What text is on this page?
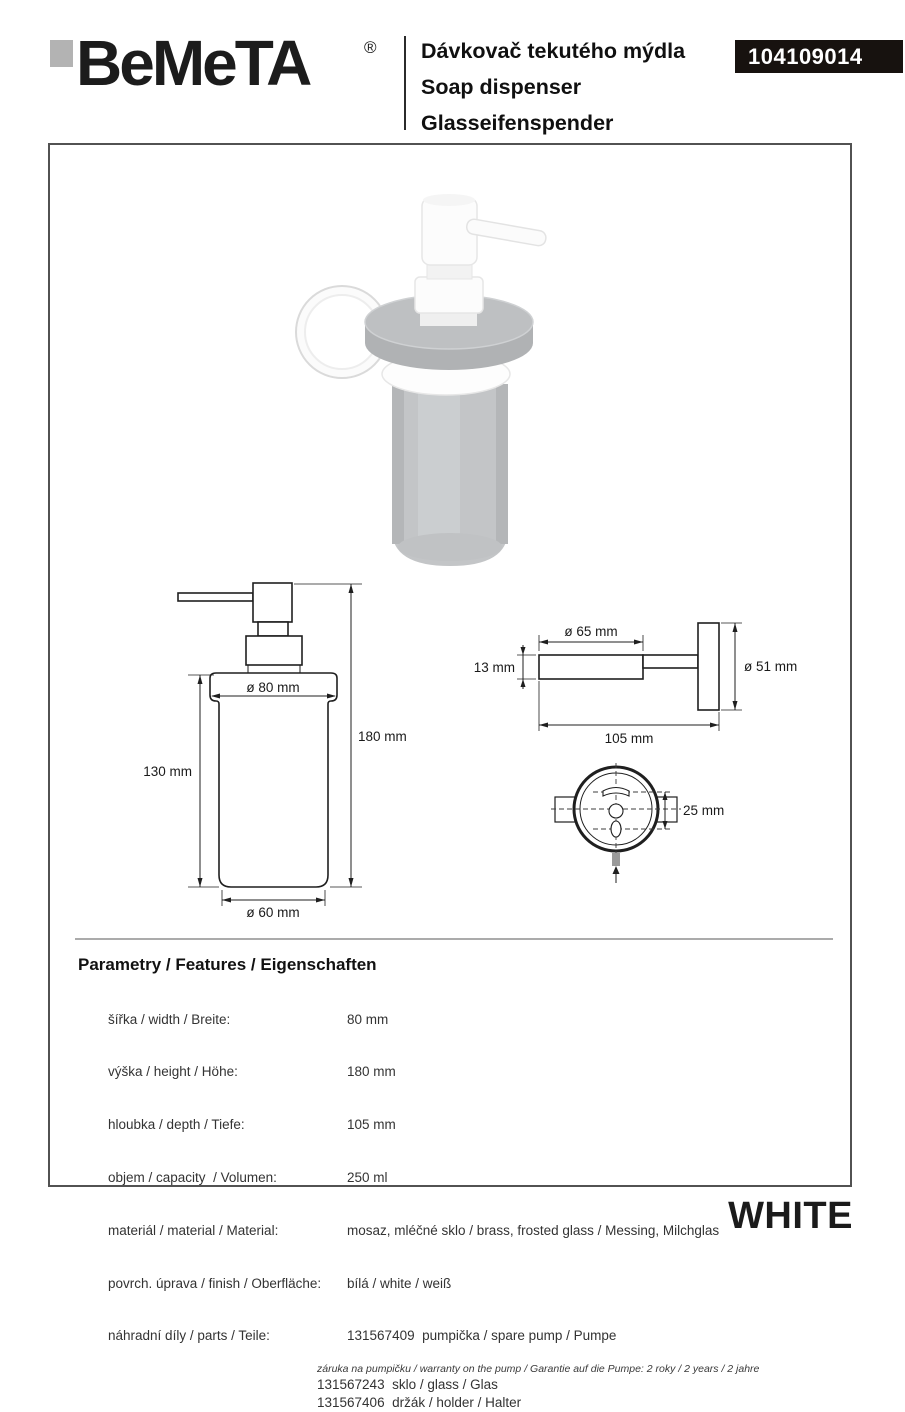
BeMeTA	® Dávkovač tekutého mýdla
Soap dispenser
Glasseifenspender
104109014
ø 80 mm
130 mm
180 mm
ø 60 mm
ø 65 mm
13 mm	ø 51 mm
105 mm
25 mm
Parametry / Features / Eigenschaften

šířka / width / Breite:	80 mm

výška / height / Höhe:	180 mm

hloubka / depth / Tiefe:	105 mm

objem / capacity  / Volumen:	250 ml

materiál / material / Material:	mosaz, mléčné sklo / brass, frosted glass / Messing, Milchglas

povrch. úprava / finish / Oberfläche: bílá / white / weiß

náhradní díly / parts / Teile:	131567409  pumpička / spare pump / Pumpe

záruka na pumpičku / warranty on the pump / Garantie auf die Pumpe: 2 roky / 2 years / 2 jahre
131567243  sklo / glass / Glas
131567406  držák / holder / Halter
WHITE
